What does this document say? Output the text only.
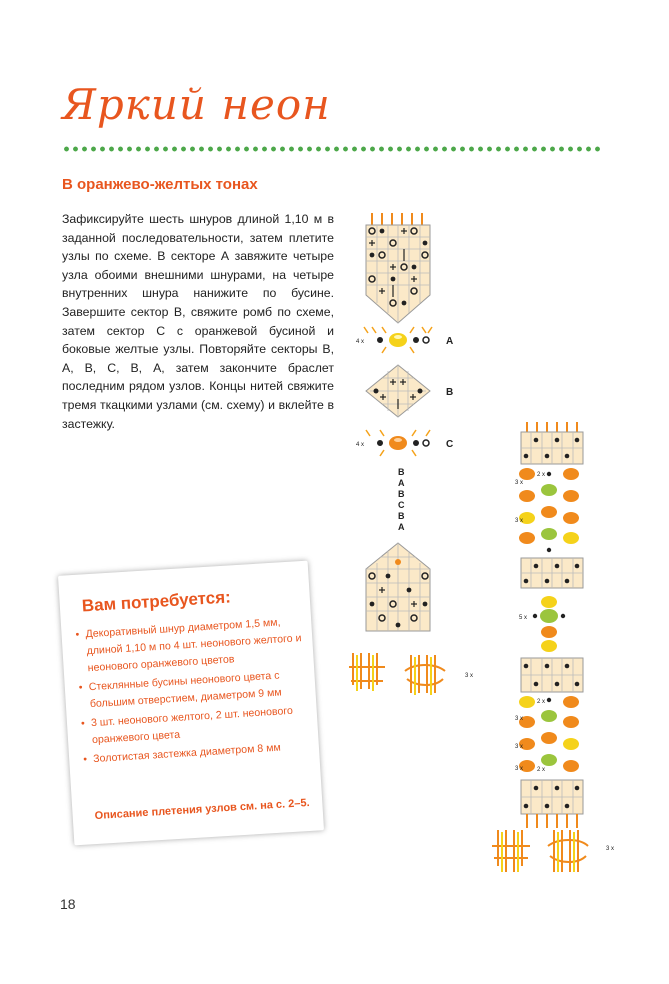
Яркий неон
В оранжево-желтых тонах

Зафиксируйте шесть шнуров длиной 1,10 м в заданной последовательности, затем плетите узлы по схеме. В секторе А завяжите четыре узла обоими внешними шнурами, на четыре внутренних шнура нанижите по бусине. Завершите сектор В, свяжите ромб по схеме, затем сектор С с оранжевой бусиной и боковые желтые узлы. Повторяйте секторы В, А, В, С, В, А, затем закончите браслет последним рядом узлов. Концы нитей свяжите тремя ткацкими узлами (см. схему) и вклейте в застежку.

Вам потребуется:

• Декоративный шнур диаметром 1,5 мм, длиной 1,10 м по 4 шт. неонового желтого и неонового оранжевого цветов
• Стеклянные бусины неонового цвета с большим отверстием, диаметром 9 мм
• 3 шт. неонового желтого, 2 шт. неонового оранжевого цвета
• Золотистая застежка диаметром 8 мм

Описание плетения узлов см. на с. 2–5.

18
4 x	A
B
4 x	C
B
A
B
C
B
A
3 x
2 x
3 x
3 x
5 x
2 x
3 x
3 x
2 x
3 x
3 x
